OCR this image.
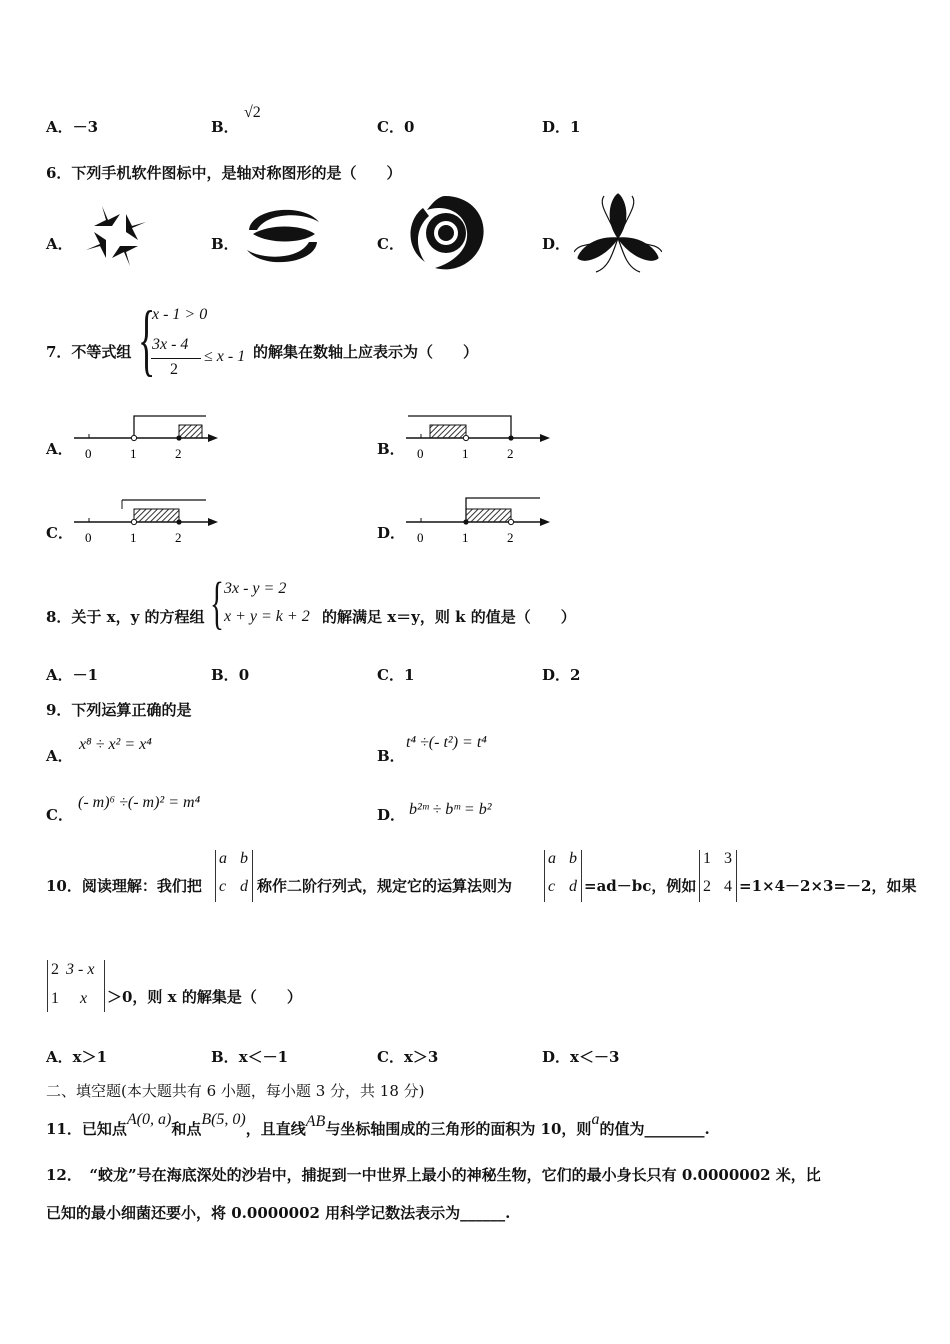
A．－3	B．
√2
C．0	D．1
6．下列手机软件图标中，是轴对称图形的是（　　）
A．	B．	C．	D．
7．不等式组 {
x - 1 > 0
3x - 4
2
≤ x - 1 的解集在数轴上应表示为（　　）
A． 0	1	2	B． 0	1	2
C． 0	1	2	D． 0	1	2
8．关于 x，y 的方程组 { 3x - y = 2
x + y = k + 2 的解满足 x＝y，则 k 的值是（　　）
A．－1	B．0	C．1	D．2
9．下列运算正确的是
A．
x⁸ ÷ x² = x⁴
B．
t⁴ ÷(- t²) = t⁴
C．
(- m)⁶ ÷(- m)² = m⁴
D． b²ᵐ ÷ bᵐ = b²
10．阅读理解：我们把
a b
c d 称作二阶行列式，规定它的运算法则为
a b
c d =ad－bc，例如
1 3
2 4 =1×4－2×3=－2，如果
2 3 - x
1 x ＞0，则 x 的解集是（　　）
A．x＞1	B．x＜－1	C．x＞3	D．x＜－3
二、填空题(本大题共有 6 小题，每小题 3 分，共 18 分)
11．已知点A(0, a)和点B(5, 0)，且直线AB与坐标轴围成的三角形的面积为 10，则a的值为________.
12．　“蛟龙”号在海底深处的沙岩中，捕捉到一中世界上最小的神秘生物，它们的最小身长只有 0.0000002 米，比
已知的最小细菌还要小，将 0.0000002 用科学记数法表示为______.
